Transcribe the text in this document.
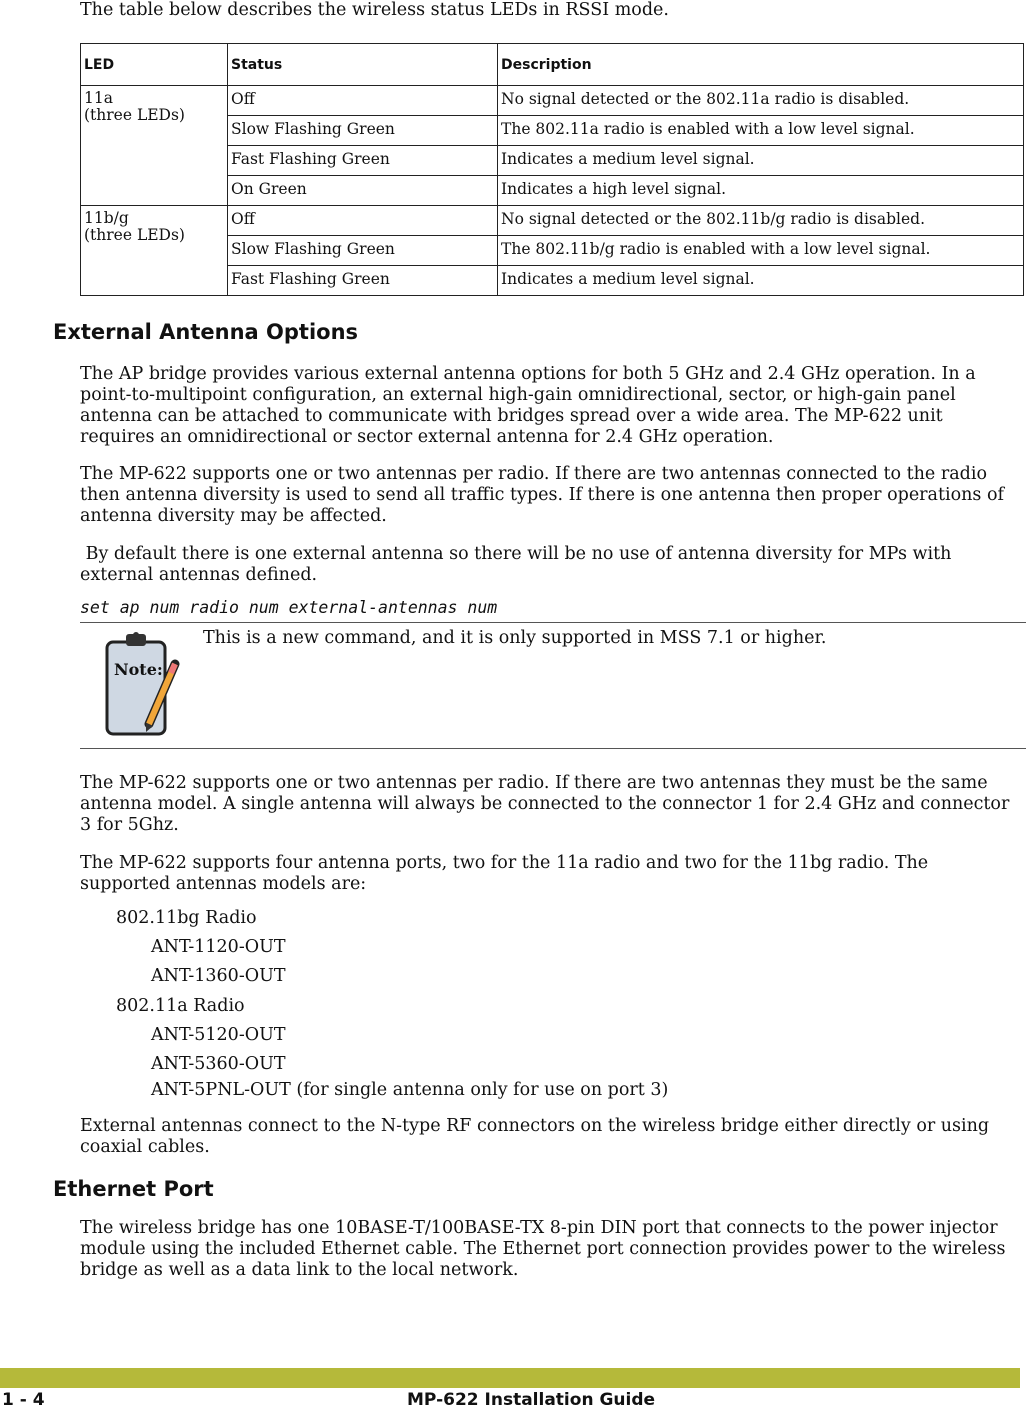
The table below describes the wireless status LEDs in RSSI mode.

LED	Status	Description
11a
(three LEDs)	Off	No signal detected or the 802.11a radio is disabled.
	Slow Flashing Green	The 802.11a radio is enabled with a low level signal.
	Fast Flashing Green	Indicates a medium level signal.
	On Green	Indicates a high level signal.
11b/g
(three LEDs)	Off	No signal detected or the 802.11b/g radio is disabled.
	Slow Flashing Green	The 802.11b/g radio is enabled with a low level signal.
	Fast Flashing Green	Indicates a medium level signal.
External Antenna Options

The AP bridge provides various external antenna options for both 5 GHz and 2.4 GHz operation. In a point-to-multipoint configuration, an external high-gain omnidirectional, sector, or high-gain panel antenna can be attached to communicate with bridges spread over a wide area. The MP-622 unit requires an omnidirectional or sector external antenna for 2.4 GHz operation.

The MP-622 supports one or two antennas per radio. If there are two antennas connected to the radio then antenna diversity is used to send all traffic types. If there is one antenna then proper operations of antenna diversity may be affected.

By default there is one external antenna so there will be no use of antenna diversity for MPs with external antennas defined.

set ap num radio num external-antennas num
Note:
This is a new command, and it is only supported in MSS 7.1 or higher.

The MP-622 supports one or two antennas per radio. If there are two antennas they must be the same antenna model. A single antenna will always be connected to the connector 1 for 2.4 GHz and connector 3 for 5Ghz.

The MP-622 supports four antenna ports, two for the 11a radio and two for the 11bg radio. The supported antennas models are:

802.11bg Radio
ANT-1120-OUT
ANT-1360-OUT
802.11a Radio
ANT-5120-OUT
ANT-5360-OUT
ANT-5PNL-OUT (for single antenna only for use on port 3)

External antennas connect to the N-type RF connectors on the wireless bridge either directly or using coaxial cables.

Ethernet Port

The wireless bridge has one 10BASE-T/100BASE-TX 8-pin DIN port that connects to the power injector module using the included Ethernet cable. The Ethernet port connection provides power to the wireless bridge as well as a data link to the local network.

1 - 4	MP-622 Installation Guide
